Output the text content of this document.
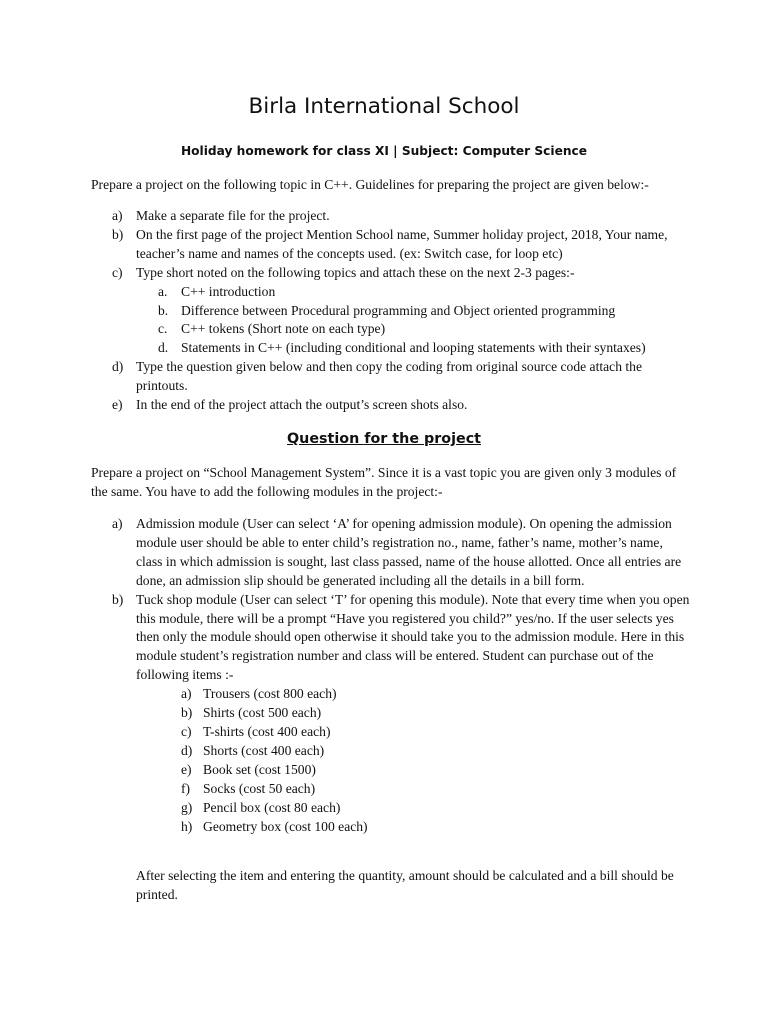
Birla International School
Holiday homework for class XI | Subject: Computer Science
Prepare a project on the following topic in C++. Guidelines for preparing the project are given below:-
a) Make a separate file for the project.
b) On the first page of the project Mention School name, Summer holiday project, 2018, Your name, teacher’s name and names of the concepts used. (ex: Switch case, for loop etc)
c) Type short noted on the following topics and attach these on the next 2-3 pages:-
a. C++ introduction
b. Difference between Procedural programming and Object oriented programming
c. C++ tokens (Short note on each type)
d. Statements in C++ (including conditional and looping statements with their syntaxes)
d) Type the question given below and then copy the coding from original source code attach the printouts.
e) In the end of the project attach the output’s screen shots also.
Question for the project
Prepare a project on “School Management System”. Since it is a vast topic you are given only 3 modules of the same. You have to add the following modules in the project:-
a) Admission module (User can select ‘A’ for opening admission module). On opening the admission module user should be able to enter child’s registration no., name, father’s name, mother’s name, class in which admission is sought, last class passed, name of the house allotted. Once all entries are done, an admission slip should be generated including all the details in a bill form.
b) Tuck shop module (User can select ‘T’ for opening this module). Note that every time when you open this module, there will be a prompt “Have you registered you child?” yes/no. If the user selects yes then only the module should open otherwise it should take you to the admission module. Here in this module student’s registration number and class will be entered. Student can purchase out of the following items :-
a) Trousers (cost 800 each)
b) Shirts (cost 500 each)
c) T-shirts (cost 400 each)
d) Shorts (cost 400 each)
e) Book set (cost 1500)
f) Socks (cost 50 each)
g) Pencil box (cost 80 each)
h) Geometry box (cost 100 each)
After selecting the item and entering the quantity, amount should be calculated and a bill should be printed.
